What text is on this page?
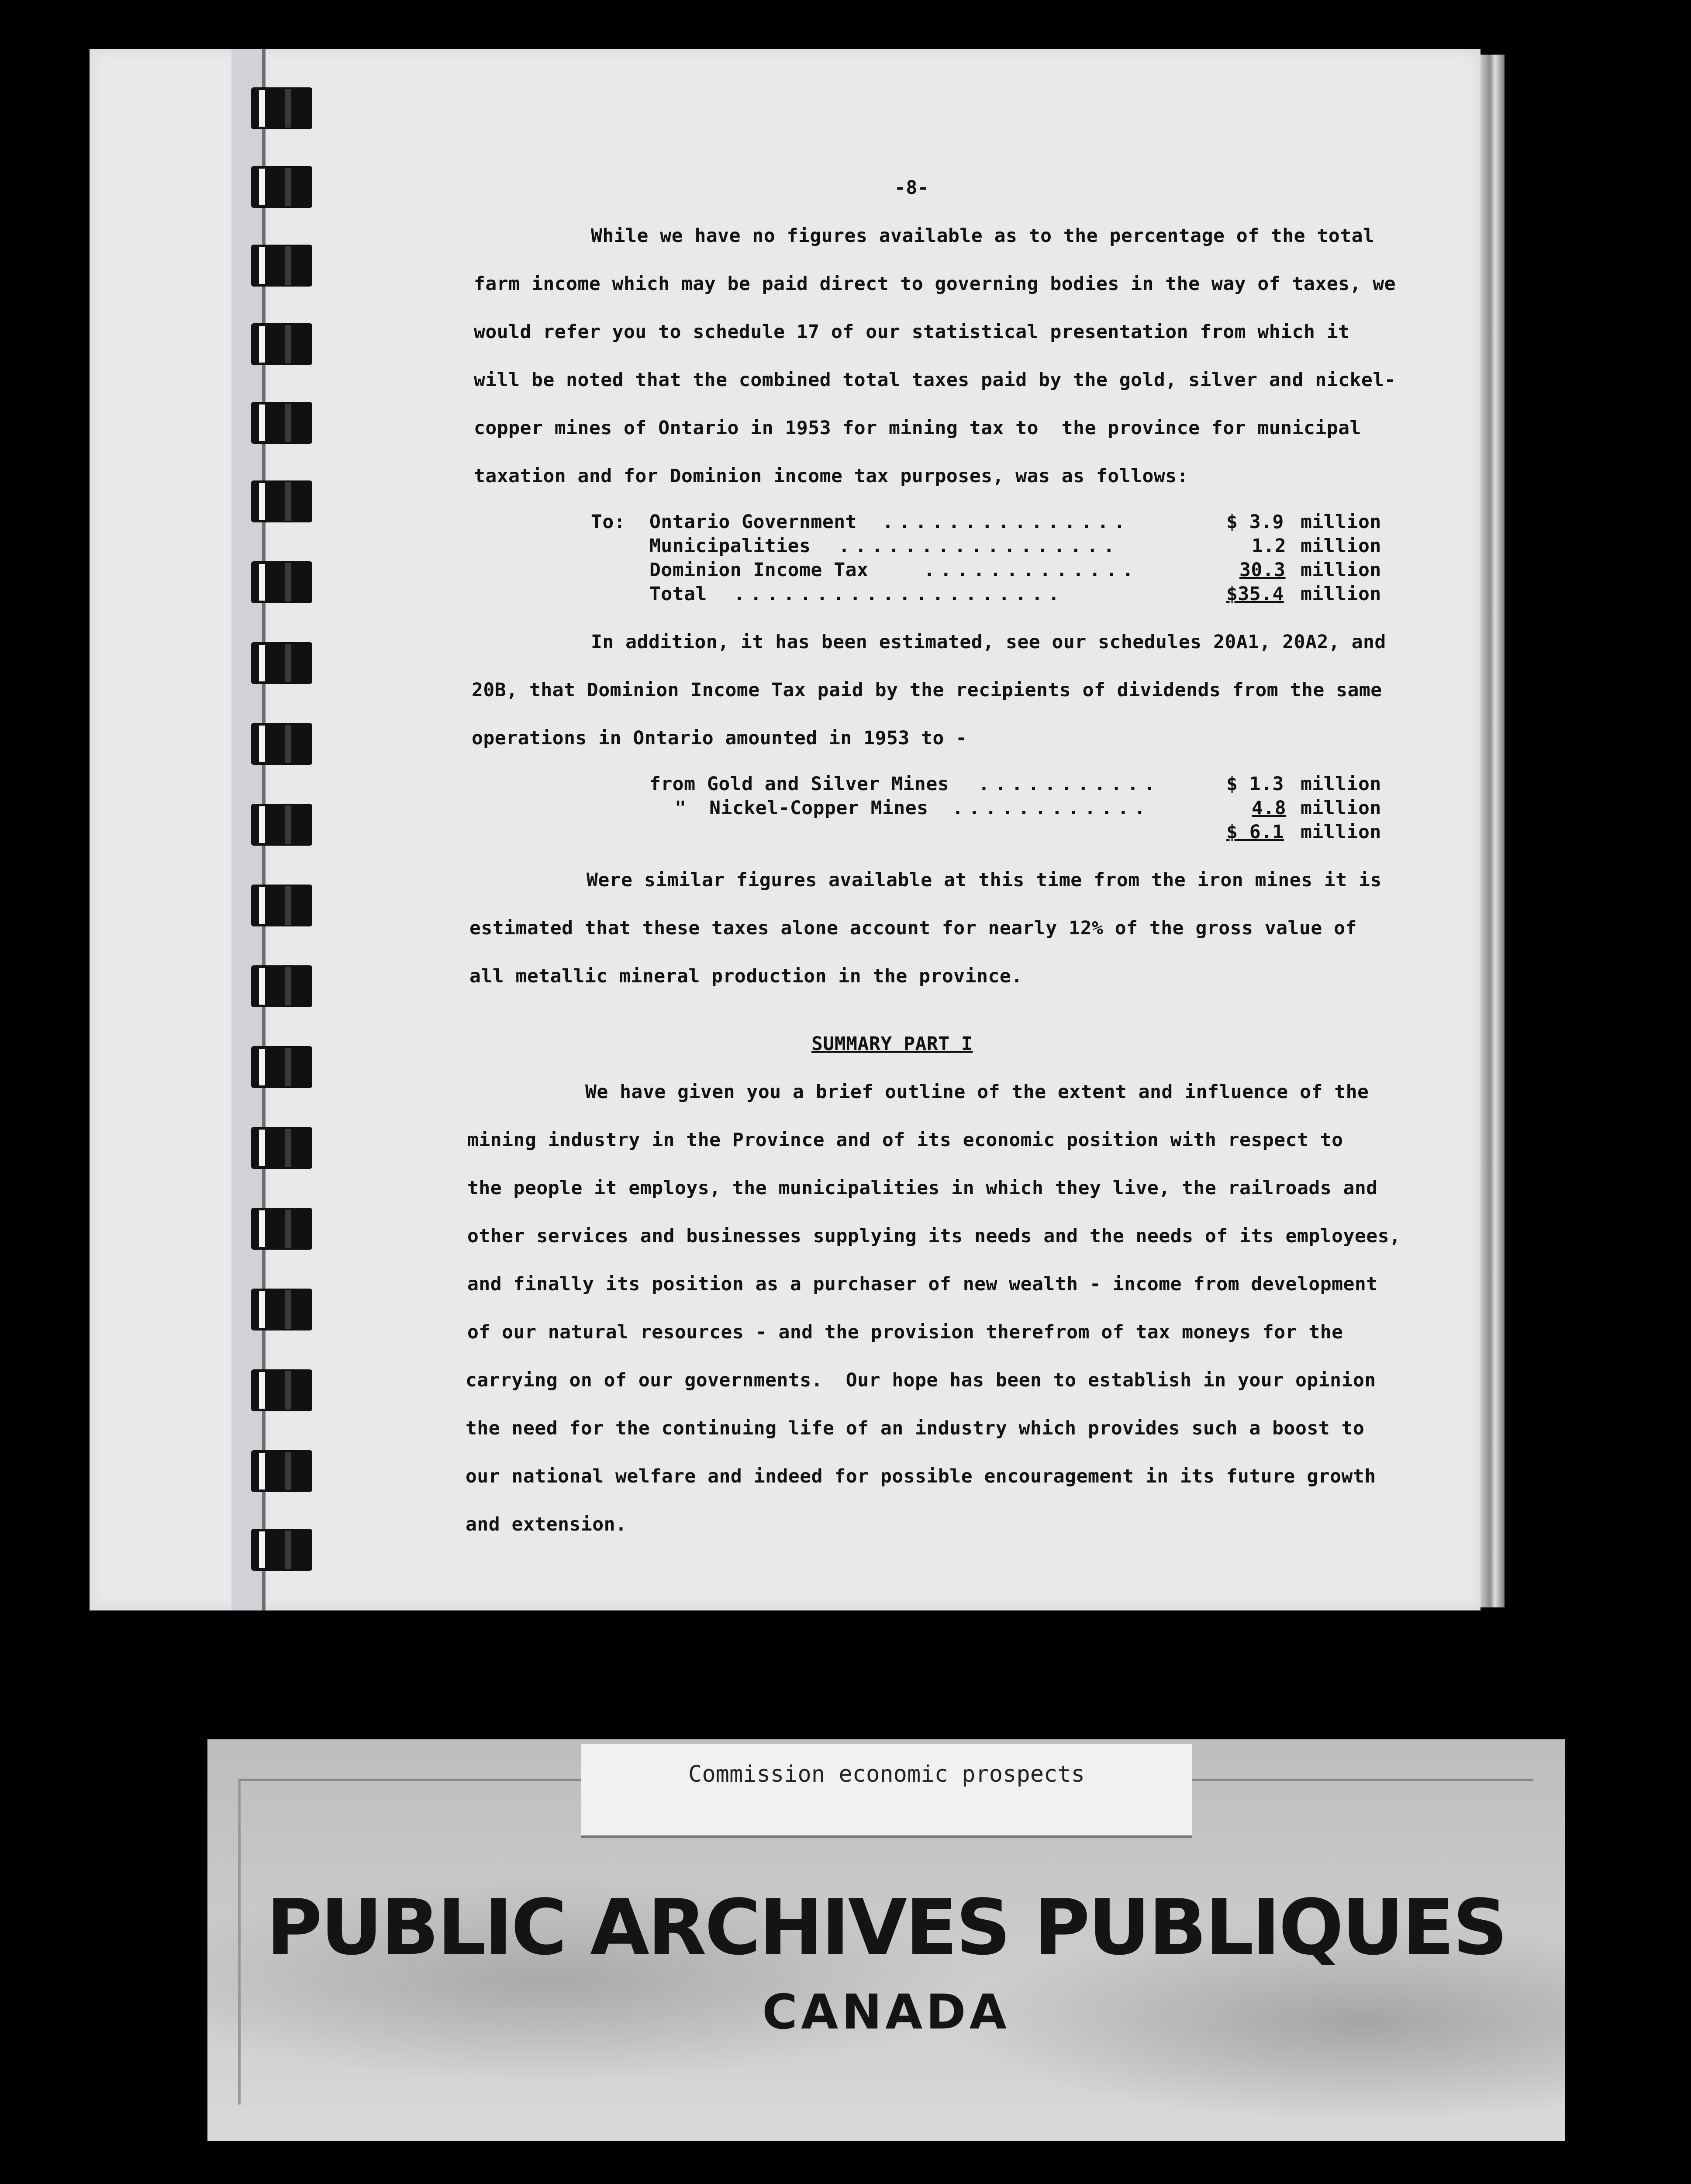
-8-
While we have no figures available as to the percentage of the total
farm income which may be paid direct to governing bodies in the way of taxes, we
would refer you to schedule 17 of our statistical presentation from which it
will be noted that the combined total taxes paid by the gold, silver and nickel-
copper mines of Ontario in 1953 for mining tax to  the province for municipal
taxation and for Dominion income tax purposes, was as follows:
To: Ontario Government ...............	$ 3.9 million
Municipalities .................	1.2 million
Dominion Income Tax	.............	30.3 million
Total ....................	$35.4 million
In addition, it has been estimated, see our schedules 20A1, 20A2, and
20B, that Dominion Income Tax paid by the recipients of dividends from the same
operations in Ontario amounted in 1953 to -
from Gold and Silver Mines ...........	$ 1.3 million
"  Nickel-Copper Mines ............	4.8 million
$ 6.1 million
Were similar figures available at this time from the iron mines it is
estimated that these taxes alone account for nearly 12% of the gross value of
all metallic mineral production in the province.
SUMMARY PART I
We have given you a brief outline of the extent and influence of the
mining industry in the Province and of its economic position with respect to
the people it employs, the municipalities in which they live, the railroads and
other services and businesses supplying its needs and the needs of its employees,
and finally its position as a purchaser of new wealth - income from development
of our natural resources - and the provision therefrom of tax moneys for the
carrying on of our governments.  Our hope has been to establish in your opinion
the need for the continuing life of an industry which provides such a boost to
our national welfare and indeed for possible encouragement in its future growth
and extension.
Commission economic prospects
PUBLIC ARCHIVES PUBLIQUES
CANADA
